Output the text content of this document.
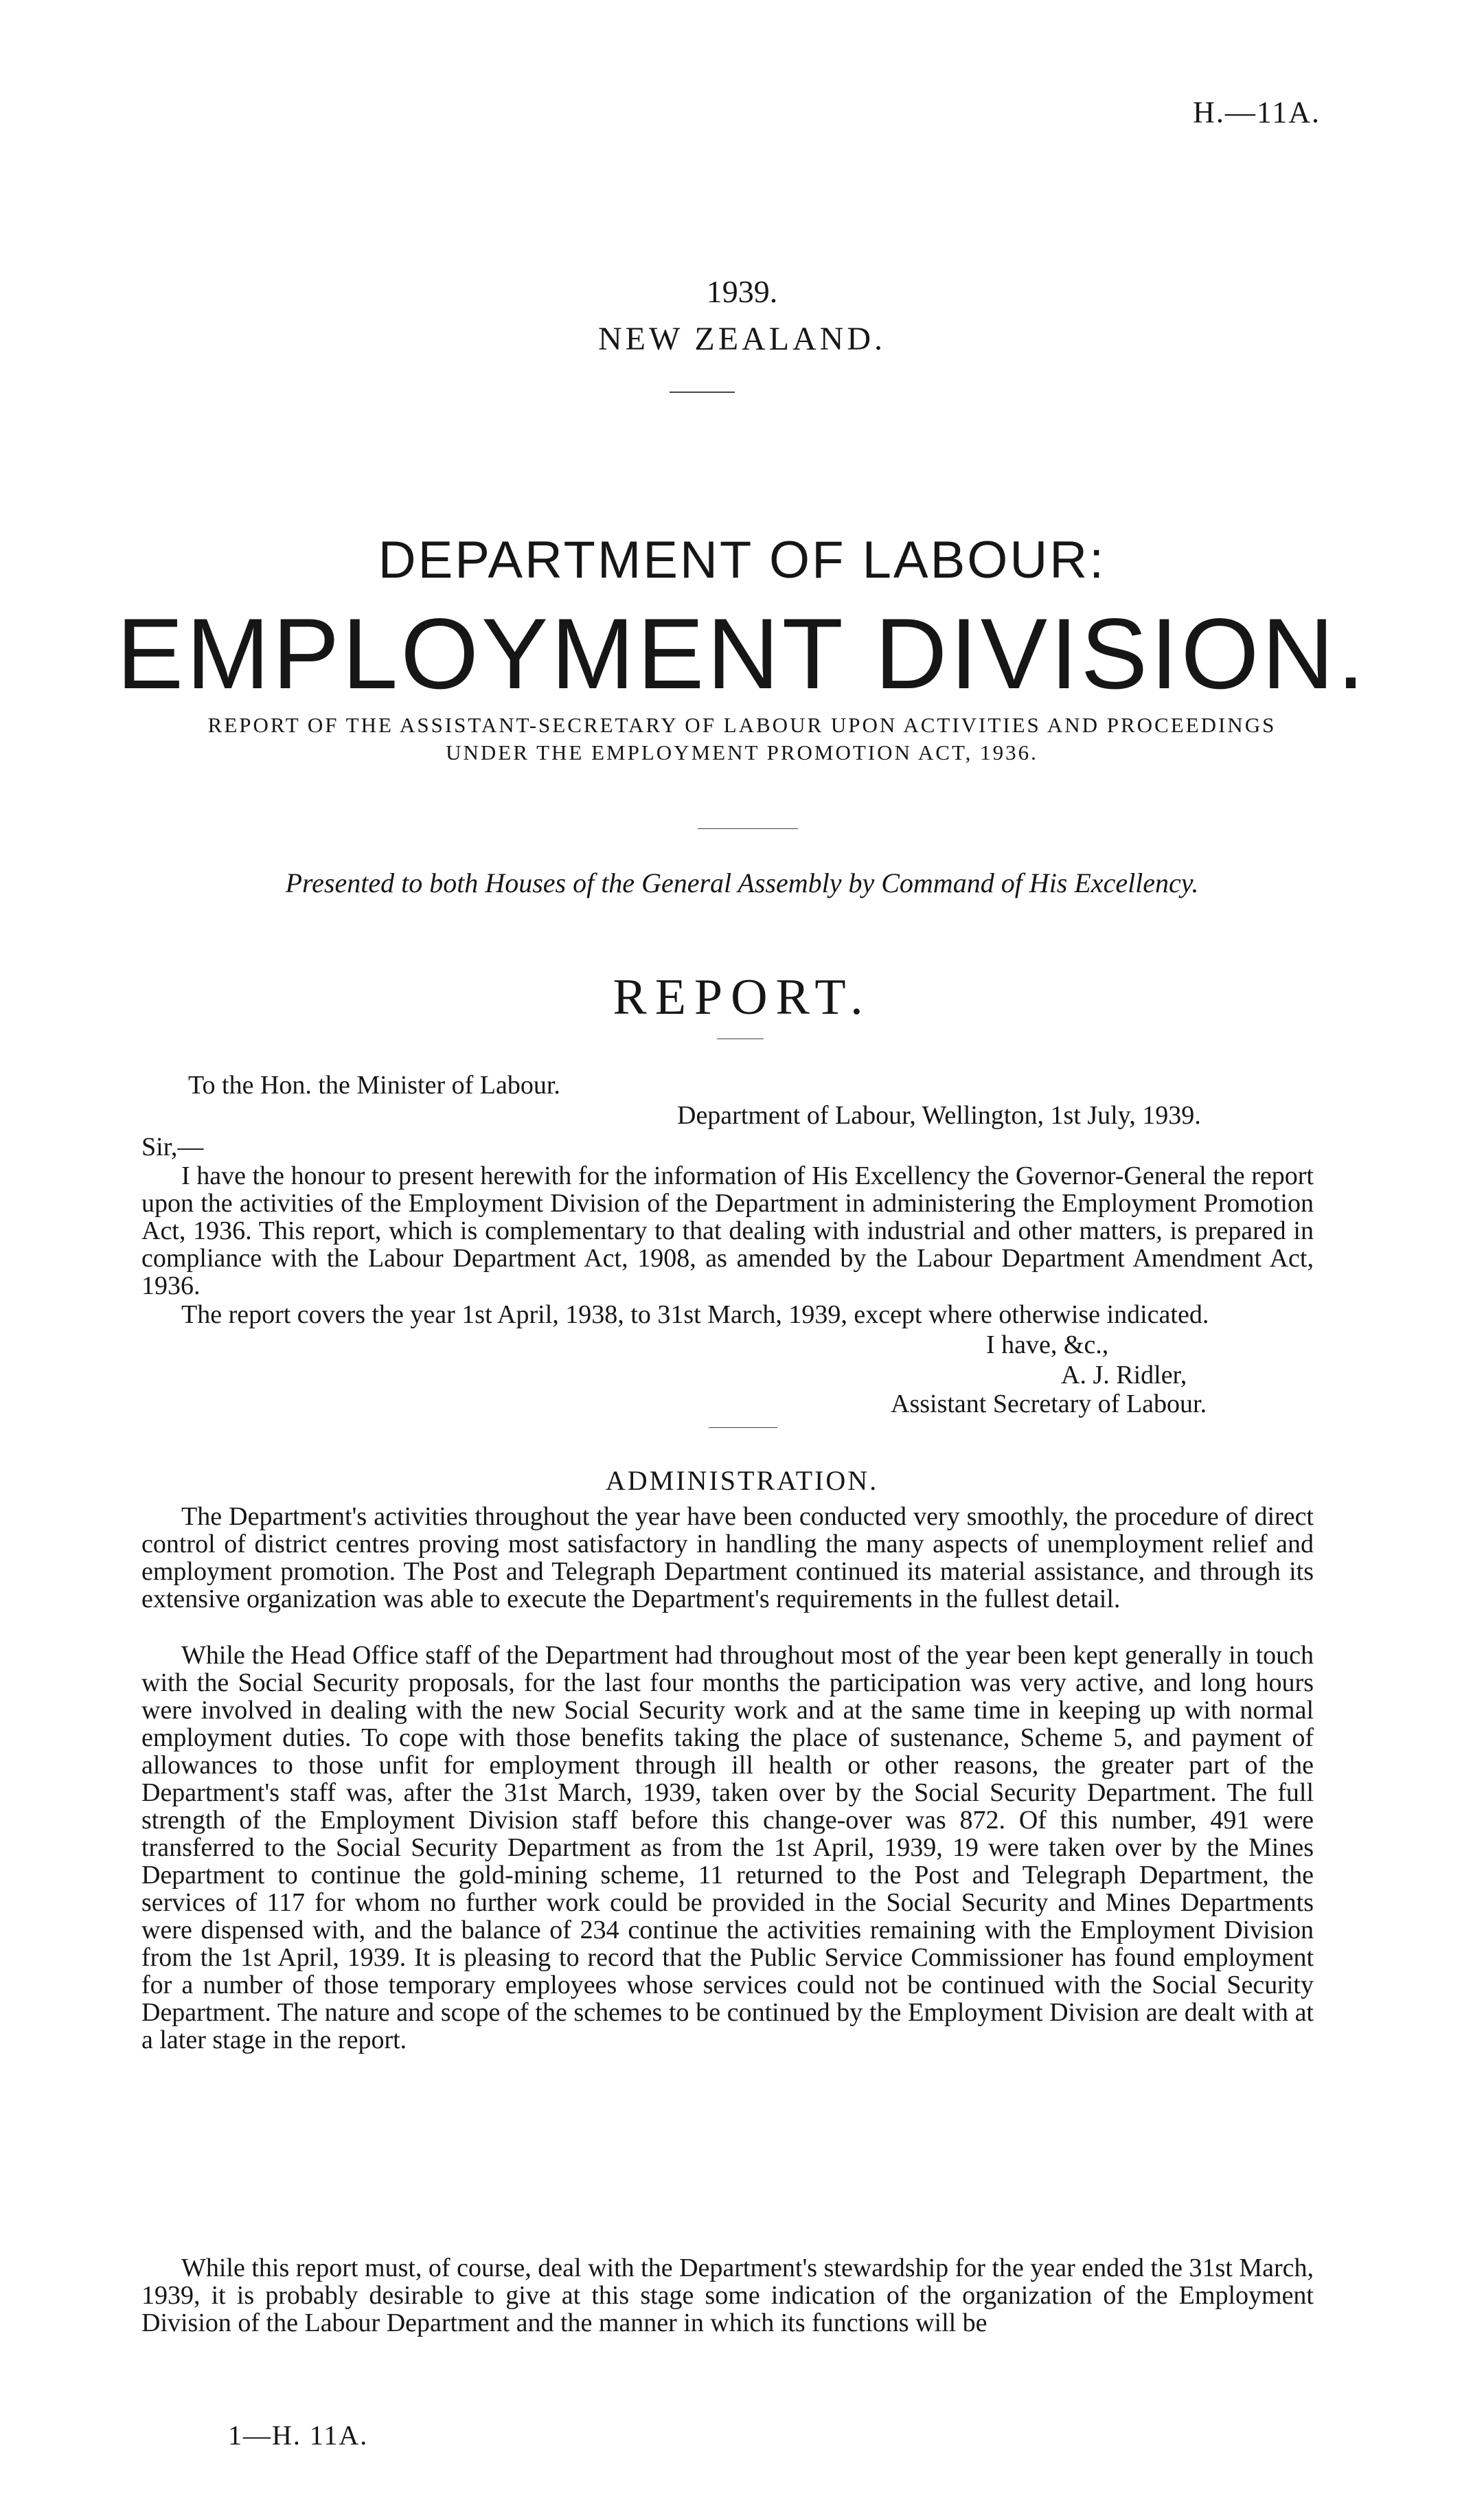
H.—11A.
1939.
NEW ZEALAND.
DEPARTMENT OF LABOUR:
EMPLOYMENT DIVISION.
REPORT OF THE ASSISTANT-SECRETARY OF LABOUR UPON ACTIVITIES AND PROCEEDINGS
UNDER THE EMPLOYMENT PROMOTION ACT, 1936.
Presented to both Houses of the General Assembly by Command of His Excellency.
REPORT.
To the Hon. the Minister of Labour.
Department of Labour, Wellington, 1st July, 1939.
Sir,—
I have the honour to present herewith for the information of His Excellency the Governor-General the report upon the activities of the Employment Division of the Department in administering the Employment Promotion Act, 1936. This report, which is complementary to that dealing with industrial and other matters, is prepared in compliance with the Labour Department Act, 1908, as amended by the Labour Department Amendment Act, 1936.
The report covers the year 1st April, 1938, to 31st March, 1939, except where otherwise indicated.
I have, &c.,
A. J. Ridler,
Assistant Secretary of Labour.
ADMINISTRATION.
The Department's activities throughout the year have been conducted very smoothly, the procedure of direct control of district centres proving most satisfactory in handling the many aspects of unemployment relief and employment promotion. The Post and Telegraph Department continued its material assistance, and through its extensive organization was able to execute the Department's requirements in the fullest detail.
While the Head Office staff of the Department had throughout most of the year been kept generally in touch with the Social Security proposals, for the last four months the participation was very active, and long hours were involved in dealing with the new Social Security work and at the same time in keeping up with normal employment duties. To cope with those benefits taking the place of sustenance, Scheme 5, and payment of allowances to those unfit for employment through ill health or other reasons, the greater part of the Department's staff was, after the 31st March, 1939, taken over by the Social Security Department. The full strength of the Employment Division staff before this change-over was 872. Of this number, 491 were transferred to the Social Security Department as from the 1st April, 1939, 19 were taken over by the Mines Department to continue the gold-mining scheme, 11 returned to the Post and Telegraph Department, the services of 117 for whom no further work could be provided in the Social Security and Mines Departments were dispensed with, and the balance of 234 continue the activities remaining with the Employment Division from the 1st April, 1939. It is pleasing to record that the Public Service Commissioner has found employment for a number of those temporary employees whose services could not be continued with the Social Security Department. The nature and scope of the schemes to be continued by the Employment Division are dealt with at a later stage in the report.
While this report must, of course, deal with the Department's stewardship for the year ended the 31st March, 1939, it is probably desirable to give at this stage some indication of the organization of the Employment Division of the Labour Department and the manner in which its functions will be
1—H. 11A.
